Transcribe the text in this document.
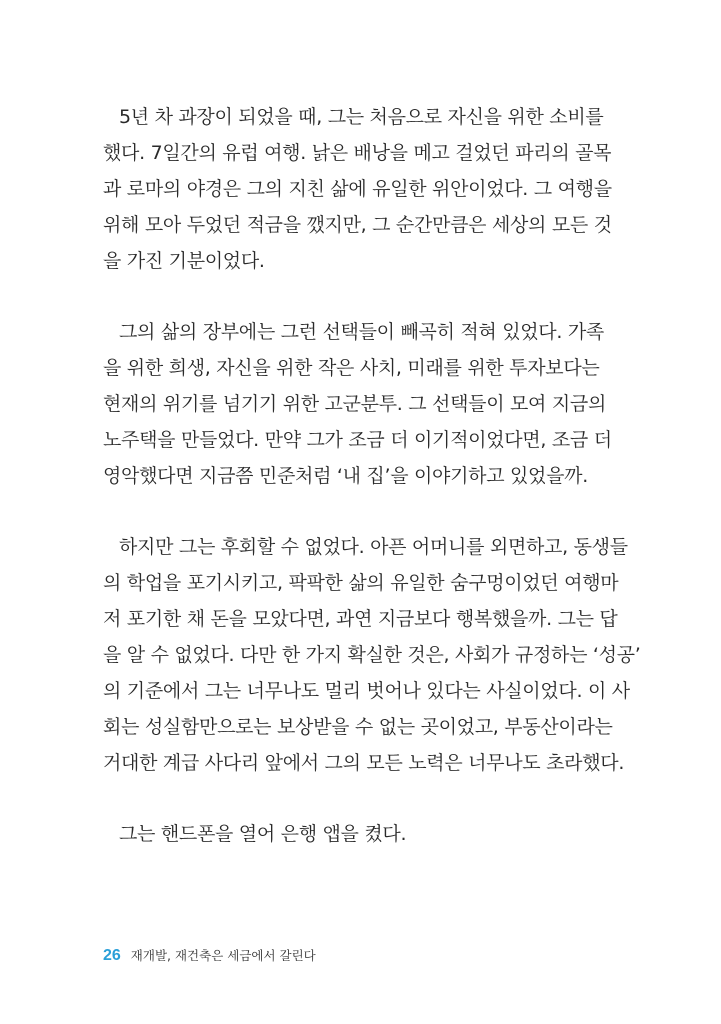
5년 차 과장이 되었을 때, 그는 처음으로 자신을 위한 소비를
했다. 7일간의 유럽 여행. 낡은 배낭을 메고 걸었던 파리의 골목
과 로마의 야경은 그의 지친 삶에 유일한 위안이었다. 그 여행을
위해 모아 두었던 적금을 깼지만, 그 순간만큼은 세상의 모든 것
을 가진 기분이었다.

그의 삶의 장부에는 그런 선택들이 빼곡히 적혀 있었다. 가족
을 위한 희생, 자신을 위한 작은 사치, 미래를 위한 투자보다는
현재의 위기를 넘기기 위한 고군분투. 그 선택들이 모여 지금의
노주택을 만들었다. 만약 그가 조금 더 이기적이었다면, 조금 더
영악했다면 지금쯤 민준처럼 ‘내 집’을 이야기하고 있었을까.

하지만 그는 후회할 수 없었다. 아픈 어머니를 외면하고, 동생들
의 학업을 포기시키고, 팍팍한 삶의 유일한 숨구멍이었던 여행마
저 포기한 채 돈을 모았다면, 과연 지금보다 행복했을까. 그는 답
을 알 수 없었다. 다만 한 가지 확실한 것은, 사회가 규정하는 ‘성공’
의 기준에서 그는 너무나도 멀리 벗어나 있다는 사실이었다. 이 사
회는 성실함만으로는 보상받을 수 없는 곳이었고, 부동산이라는
거대한 계급 사다리 앞에서 그의 모든 노력은 너무나도 초라했다.

그는 핸드폰을 열어 은행 앱을 켰다.

26 재개발, 재건축은 세금에서 갈린다
